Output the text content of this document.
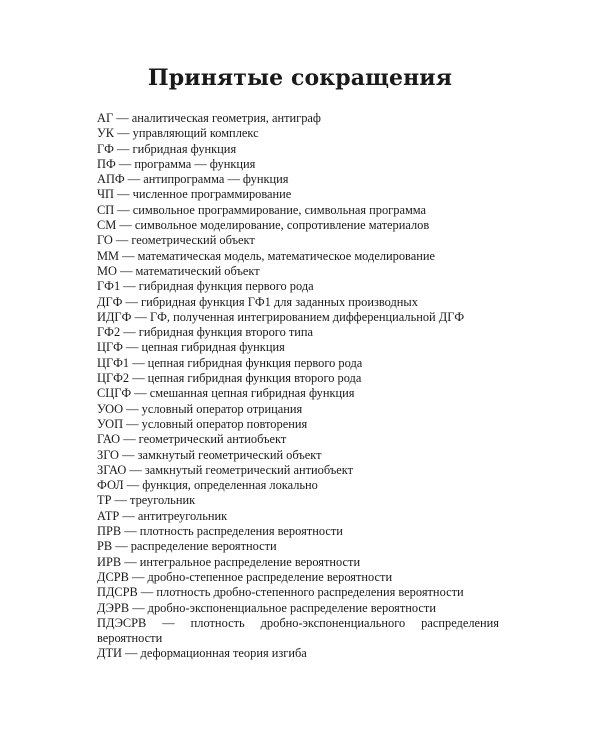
Принятые сокращения
АГ — аналитическая геометрия, антиграф
УК — управляющий комплекс
ГФ — гибридная функция
ПФ — программа — функция
АПФ — антипрограмма — функция
ЧП — численное программирование
СП — символьное программирование, символьная программа
СМ — символьное моделирование, сопротивление материалов
ГО — геометрический объект
ММ — математическая модель, математическое моделирование
МО — математический объект
ГФ1 — гибридная функция первого рода
ДГФ — гибридная функция ГФ1 для заданных производных
ИДГФ — ГФ, полученная интегрированием дифференциальной ДГФ
ГФ2 — гибридная функция второго типа
ЦГФ — цепная гибридная функция
ЦГФ1 — цепная гибридная функция первого рода
ЦГФ2 — цепная гибридная функция второго рода
СЦГФ — смешанная цепная гибридная функция
УОО — условный оператор отрицания
УОП — условный оператор повторения
ГАО — геометрический антиобъект
ЗГО — замкнутый геометрический объект
ЗГАО — замкнутый геометрический антиобъект
ФОЛ — функция, определенная локально
ТР — треугольник
АТР — антитреугольник
ПРВ — плотность распределения вероятности
РВ — распределение вероятности
ИРВ — интегральное распределение вероятности
ДСРВ — дробно-степенное распределение вероятности
ПДСРВ — плотность дробно-степенного распределения вероятности
ДЭРВ — дробно-экспоненциальное распределение вероятности
ПДЭСРВ — плотность дробно-экспоненциального распределения вероятности
ДТИ — деформационная теория изгиба
